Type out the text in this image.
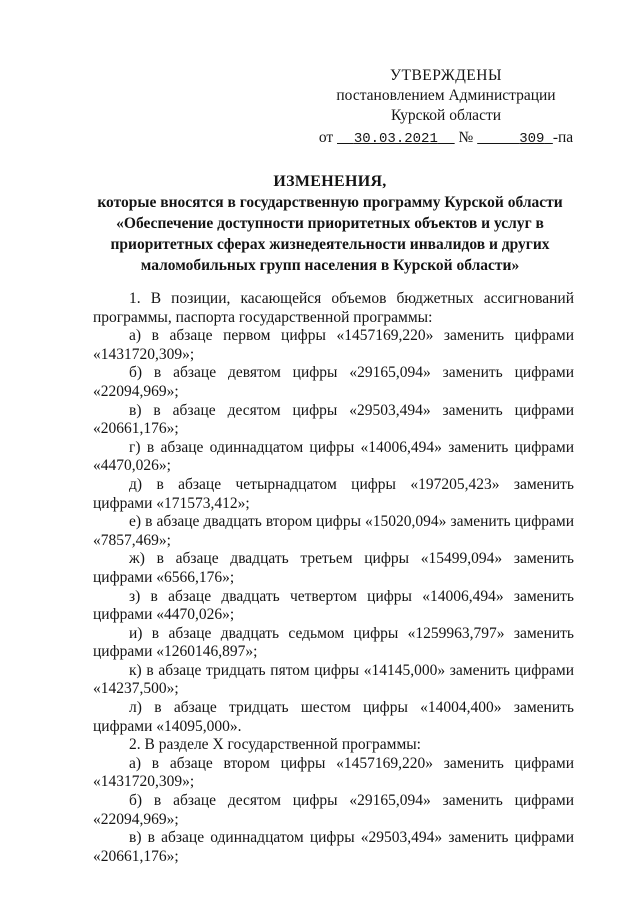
УТВЕРЖДЕНЫ
постановлением Администрации
Курской области
от 30.03.2021 №	309 -па
ИЗМЕНЕНИЯ,
которые вносятся в государственную программу Курской области
«Обеспечение доступности приоритетных объектов и услуг в
приоритетных сферах жизнедеятельности инвалидов и других
маломобильных групп населения в Курской области»

1. В позиции, касающейся объемов бюджетных ассигнований программы, паспорта государственной программы:

а) в абзаце первом цифры «1457169,220» заменить цифрами «1431720,309»;

б) в абзаце девятом цифры «29165,094» заменить цифрами «22094,969»;

в) в абзаце десятом цифры «29503,494» заменить цифрами «20661,176»;

г) в абзаце одиннадцатом цифры «14006,494» заменить цифрами «4470,026»;

д) в абзаце четырнадцатом цифры «197205,423» заменить цифрами «171573,412»;

е) в абзаце двадцать втором цифры «15020,094» заменить цифрами «7857,469»;

ж) в абзаце двадцать третьем цифры «15499,094» заменить цифрами «6566,176»;

з) в абзаце двадцать четвертом цифры «14006,494» заменить цифрами «4470,026»;

и) в абзаце двадцать седьмом цифры «1259963,797» заменить цифрами «1260146,897»;

к) в абзаце тридцать пятом цифры «14145,000» заменить цифрами «14237,500»;

л) в абзаце тридцать шестом цифры «14004,400» заменить цифрами «14095,000».

2. В разделе X государственной программы:

а) в абзаце втором цифры «1457169,220» заменить цифрами «1431720,309»;

б) в абзаце десятом цифры «29165,094» заменить цифрами «22094,969»;

в) в абзаце одиннадцатом цифры «29503,494» заменить цифрами «20661,176»;
